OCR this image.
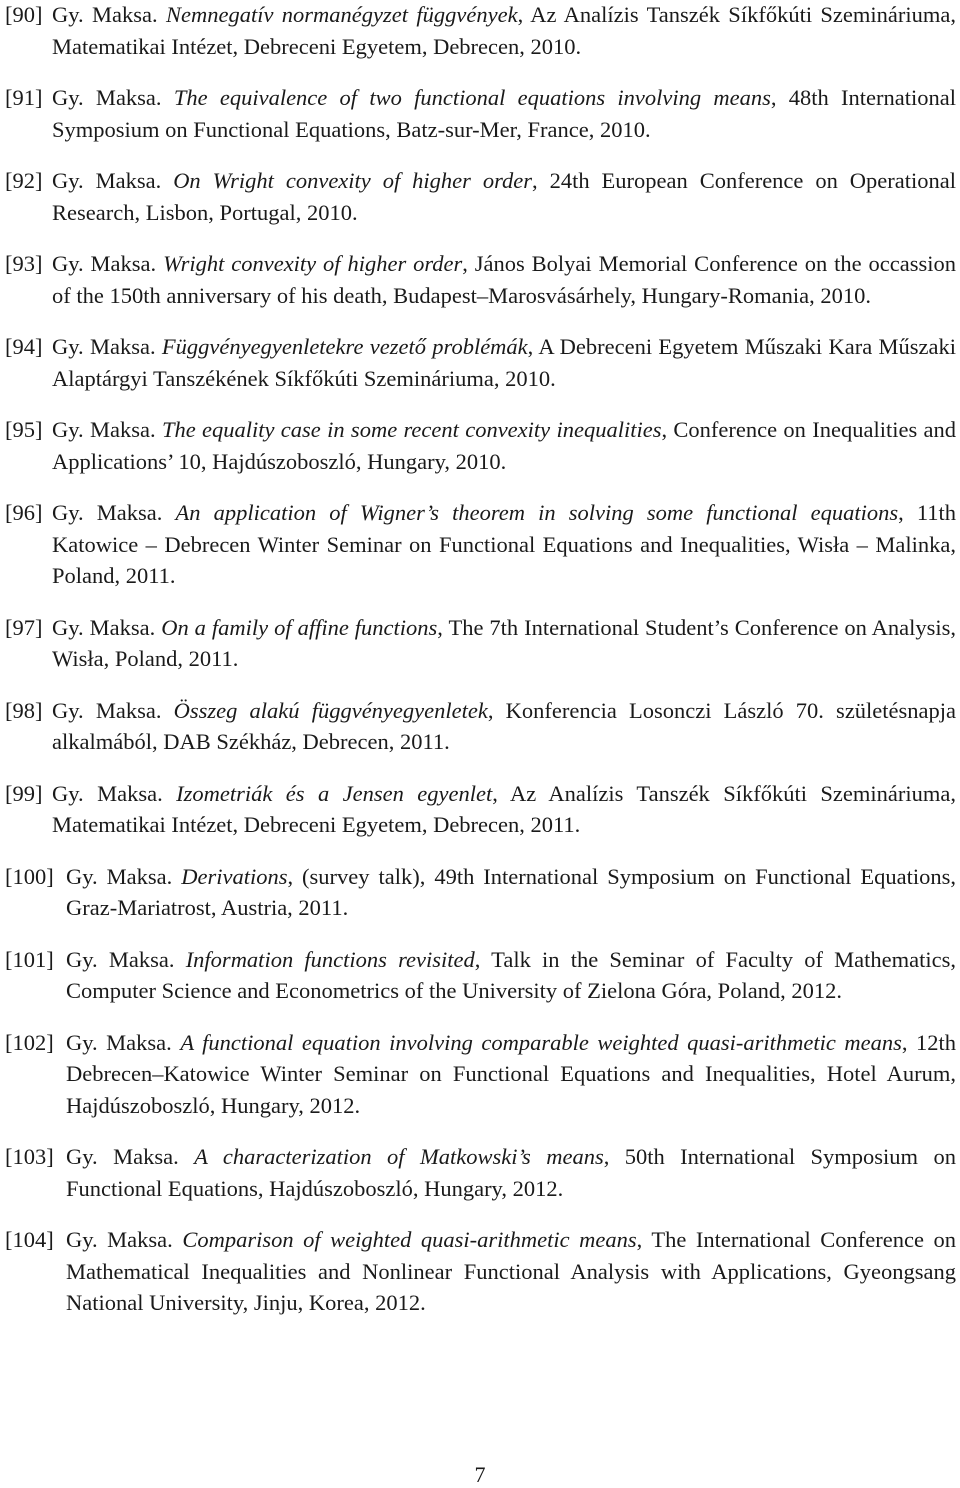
[90] Gy. Maksa. Nemnegatív normanégyzet függvények, Az Analízis Tanszék Síkfőkúti Szemináriuma, Matematikai Intézet, Debreceni Egyetem, Debrecen, 2010.
[91] Gy. Maksa. The equivalence of two functional equations involving means, 48th International Symposium on Functional Equations, Batz-sur-Mer, France, 2010.
[92] Gy. Maksa. On Wright convexity of higher order, 24th European Conference on Operational Research, Lisbon, Portugal, 2010.
[93] Gy. Maksa. Wright convexity of higher order, János Bolyai Memorial Conference on the occassion of the 150th anniversary of his death, Budapest–Marosvásárhely, Hungary-Romania, 2010.
[94] Gy. Maksa. Függvényegyenletekre vezető problémák, A Debreceni Egyetem Műszaki Kara Műszaki Alaptárgyi Tanszékének Síkfőkúti Szemináriuma, 2010.
[95] Gy. Maksa. The equality case in some recent convexity inequalities, Conference on Inequalities and Applications’ 10, Hajdúszoboszló, Hungary, 2010.
[96] Gy. Maksa. An application of Wigner’s theorem in solving some functional equations, 11th Katowice – Debrecen Winter Seminar on Functional Equations and Inequalities, Wisła – Malinka, Poland, 2011.
[97] Gy. Maksa. On a family of affine functions, The 7th International Student’s Conference on Analysis, Wisła, Poland, 2011.
[98] Gy. Maksa. Összeg alakú függvényegyenletek, Konferencia Losonczi László 70. születésnapja alkalmából, DAB Székház, Debrecen, 2011.
[99] Gy. Maksa. Izometriák és a Jensen egyenlet, Az Analízis Tanszék Síkfőkúti Szemináriuma, Matematikai Intézet, Debreceni Egyetem, Debrecen, 2011.
[100] Gy. Maksa. Derivations, (survey talk), 49th International Symposium on Functional Equations, Graz-Mariatrost, Austria, 2011.
[101] Gy. Maksa. Information functions revisited, Talk in the Seminar of Faculty of Mathematics, Computer Science and Econometrics of the University of Zielona Góra, Poland, 2012.
[102] Gy. Maksa. A functional equation involving comparable weighted quasi-arithmetic means, 12th Debrecen–Katowice Winter Seminar on Functional Equations and Inequalities, Hotel Aurum, Hajdúszoboszló, Hungary, 2012.
[103] Gy. Maksa. A characterization of Matkowski’s means, 50th International Symposium on Functional Equations, Hajdúszoboszló, Hungary, 2012.
[104] Gy. Maksa. Comparison of weighted quasi-arithmetic means, The International Conference on Mathematical Inequalities and Nonlinear Functional Analysis with Applications, Gyeongsang National University, Jinju, Korea, 2012.
7
